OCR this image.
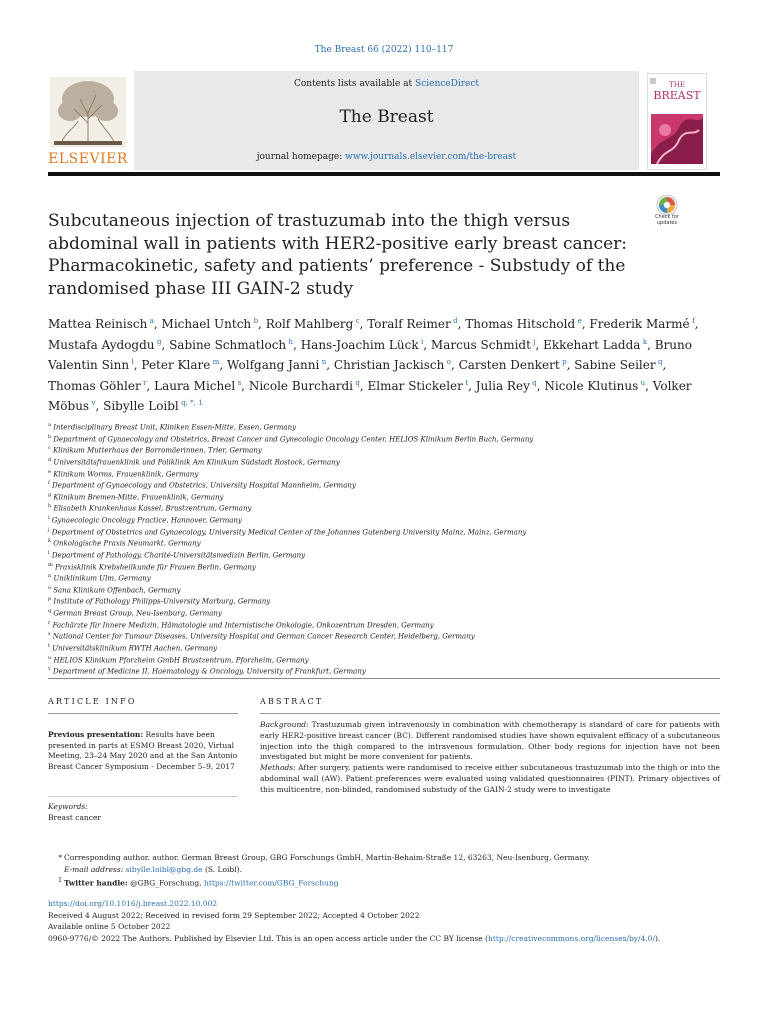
The Breast 66 (2022) 110–117
ELSEVIER
Contents lists available at ScienceDirect
The Breast
journal homepage: www.journals.elsevier.com/the-breast
THE
BREAST
Subcutaneous injection of trastuzumab into the thigh versus abdominal wall in patients with HER2-positive early breast cancer: Pharmacokinetic, safety and patients’ preference - Substudy of the randomised phase III GAIN-2 study
Check for
updates
Mattea Reinisch  $^a$, Michael Untch  $^b$, Rolf Mahlberg  $^c$, Toralf Reimer  $^d$, Thomas Hitschold  $^e$, Frederik Marmé  $^f$, Mustafa Aydogdu  $^g$, Sabine Schmatloch  $^h$, Hans-Joachim Lück  $^i$, Marcus Schmidt  $^j$, Ekkehart Ladda  $^k$, Bruno Valentin Sinn  $^l$, Peter Klare  $^m$, Wolfgang Janni  $^n$, Christian Jackisch  $^o$, Carsten Denkert  $^p$, Sabine Seiler  $^q$, Thomas Göhler  $^r$, Laura Michel  $^s$, Nicole Burchardi  $^q$, Elmar Stickeler  $^t$, Julia Rey  $^q$, Nicole Klutinus  $^u$, Volker Möbus  $^v$, Sibylle Loibl  $^{q, *, 1}$
$^a$ Interdisciplinary Breast Unit, Kliniken Essen-Mitte, Essen, Germany
$^b$ Department of Gynaecology and Obstetrics, Breast Cancer and Gynecologic Oncology Center, HELIOS Klinikum Berlin Buch, Germany
$^c$ Klinikum Mutterhaus der Borromäerinnen, Trier, Germany
$^d$ Universitätsfrauenklinik und Poliklinik Am Klinikum Südstadt Rostock, Germany
$^e$ Klinikum Worms, Frauenklinik, Germany
$^f$ Department of Gynaecology and Obstetrics, University Hospital Mannheim, Germany
$^g$ Klinikum Bremen-Mitte, Frauenklinik, Germany
$^h$ Elisabeth Krankenhaus Kassel, Brustzentrum, Germany
$^i$ Gynaecologic Oncology Practice, Hannover, Germany
$^j$ Department of Obstetrics and Gynaecology, University Medical Center of the Johannes Gutenberg University Mainz, Mainz, Germany
$^k$ Onkologische Praxis Neumarkt, Germany
$^l$ Department of Pathology, Charité-Universitätsmedizin Berlin, Germany
$^m$ Praxisklinik Krebsheilkunde für Frauen Berlin, Germany
$^n$ Uniklinikum Ulm, Germany
$^o$ Sana Klinikum Offenbach, Germany
$^p$ Institute of Pathology Philipps-University Marburg, Germany
$^q$ German Breast Group, Neu-Isenburg, Germany
$^r$ Fachärzte für Innere Medizin, Hämatologie und Internistische Onkologie, Onkozentrum Dresden, Germany
$^s$ National Center for Tumour Diseases, University Hospital and German Cancer Research Center, Heidelberg, Germany
$^t$ Universitätsklinikum RWTH Aachen, Germany
$^u$ HELIOS Klinikum Pforzheim GmbH Brustzentrum, Pforzheim, Germany
$^v$ Department of Medicine II, Haematology & Oncology, University of Frankfurt, Germany
ARTICLE INFO
Previous presentation: Results have been presented in parts at ESMO Breast 2020, Virtual Meeting, 23–24 May 2020 and at the San Antonio Breast Cancer Symposium - December 5–9, 2017
Keywords:
Breast cancer
ABSTRACT
Background: Trastuzumab given intravenously in combination with chemotherapy is standard of care for patients with early HER2-positive breast cancer (BC). Different randomised studies have shown equivalent efficacy of a subcutaneous injection into the thigh compared to the intravenous formulation. Other body regions for injection have not been investigated but might be more convenient for patients.
Methods: After surgery, patients were randomised to receive either subcutaneous trastuzumab into the thigh or into the abdominal wall (AW). Patient preferences were evaluated using validated questionnaires (PINT). Primary objectives of this multicentre, non-blinded, randomised substudy of the GAIN-2 study were to investigate
* Corresponding author. author. German Breast Group, GBG Forschungs GmbH, Martin-Behaim-Straße 12, 63263, Neu-Isenburg, Germany.
E-mail address: sibylle.loibl@gbg.de (S. Loibl).
$^1$ Twitter handle: @GBG_Forschung, https://twitter.com/GBG_Forschung
https://doi.org/10.1016/j.breast.2022.10.002
Received 4 August 2022; Received in revised form 29 September 2022; Accepted 4 October 2022
Available online 5 October 2022
0960-9776/© 2022 The Authors. Published by Elsevier Ltd. This is an open access article under the CC BY license (http://creativecommons.org/licenses/by/4.0/).
